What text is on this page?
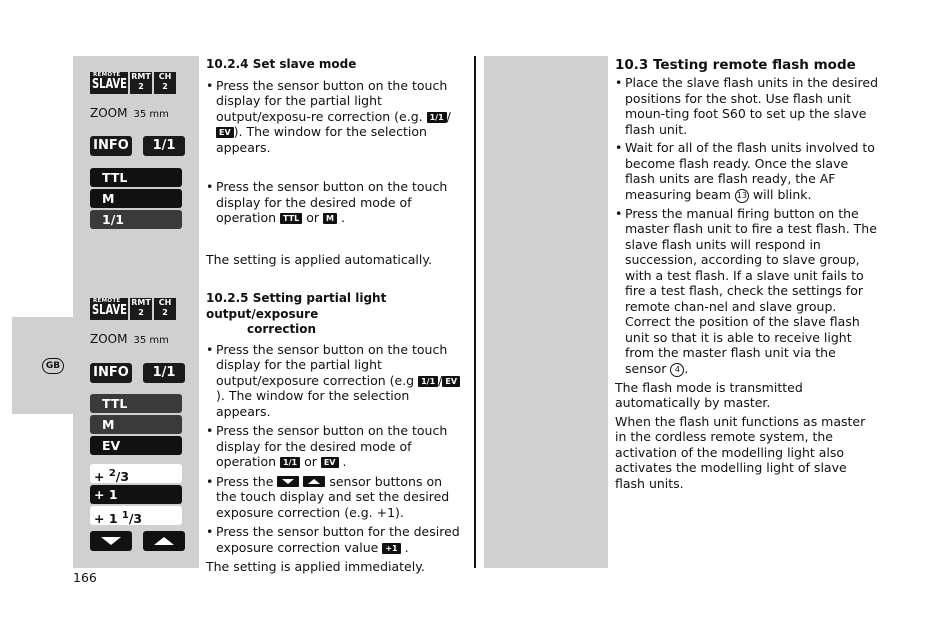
GB
REMOTE
SLAVE
RMT
2
CH
2
ZOOM 35 mm
INFO	1/1
TTL
M
1/1
REMOTE
SLAVE
RMT
2
CH
2
ZOOM 35 mm
INFO	1/1
TTL
M
EV
+ $^2$/3
+ 1
+ 1 $^1$/3
166
10.2.4 Set slave mode
• Press the sensor button on the touch display for the partial light output/exposu-re correction (e.g. 1/1 /EV ). The window for the selection appears.
• Press the sensor button on the touch display for the desired mode of operation TTL or M .
The setting is applied automatically.
10.2.5 Setting partial light output/exposure
correction
• Press the sensor button on the touch display for the partial light output/exposure correction (e.g 1/1 / EV). The window for the selection appears.
• Press the sensor button on the touch display for the desired mode of operation 1/1 or EV .
• Press the
	sensor buttons on the touch display and set the desired exposure correction (e.g. +1).
• Press the sensor button for the desired exposure correction value +1 .
The setting is applied immediately.
10.3 Testing remote flash mode
• Place the slave flash units in the desired positions for the shot. Use flash unit moun-ting foot S60 to set up the slave flash unit.
• Wait for all of the flash units involved to become flash ready. Once the slave flash units are flash ready, the AF measuring beam 13 will blink.
• Press the manual firing button on the master flash unit to fire a test flash. The slave flash units will respond in succession, according to slave group, with a test flash. If a slave unit fails to fire a test flash, check the settings for remote chan-nel and slave group. Correct the position of the slave flash unit so that it is able to receive light from the master flash unit via the sensor 4 .
The flash mode is transmitted automatically by master.
When the flash unit functions as master in the cordless remote system, the activation of the modelling light also activates the modelling light of slave flash units.
